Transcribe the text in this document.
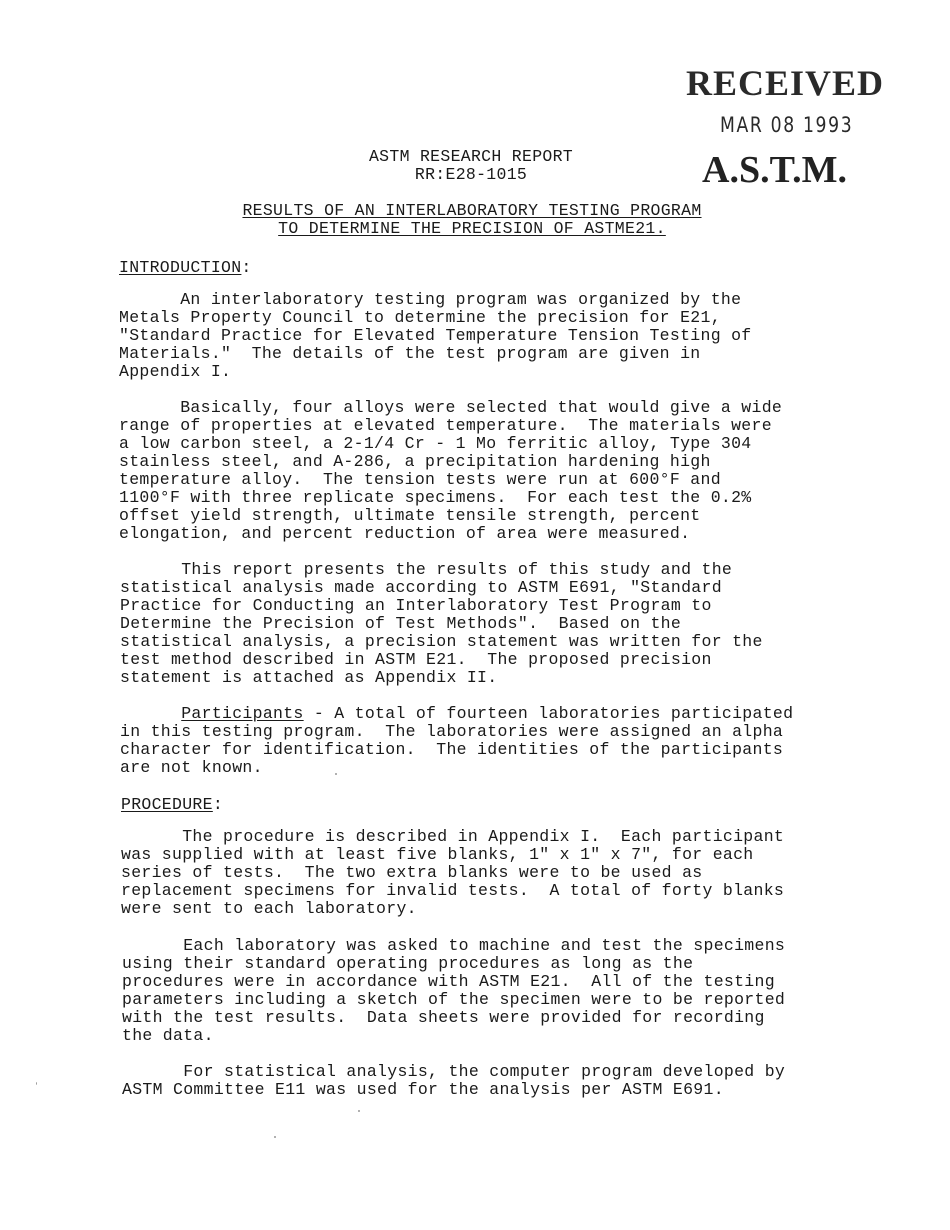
RECEIVED
MAR 08 1993
A.S.T.M.
ASTM RESEARCH REPORT
RR:E28-1015
RESULTS OF AN INTERLABORATORY TESTING PROGRAM
TO DETERMINE THE PRECISION OF ASTME21.
INTRODUCTION:
An interlaboratory testing program was organized by the
Metals Property Council to determine the precision for E21,
"Standard Practice for Elevated Temperature Tension Testing of
Materials."  The details of the test program are given in
Appendix I.
Basically, four alloys were selected that would give a wide
range of properties at elevated temperature.  The materials were
a low carbon steel, a 2-1/4 Cr - 1 Mo ferritic alloy, Type 304
stainless steel, and A-286, a precipitation hardening high
temperature alloy.  The tension tests were run at 600°F and
1100°F with three replicate specimens.  For each test the 0.2%
offset yield strength, ultimate tensile strength, percent
elongation, and percent reduction of area were measured.
This report presents the results of this study and the
statistical analysis made according to ASTM E691, "Standard
Practice for Conducting an Interlaboratory Test Program to
Determine the Precision of Test Methods".  Based on the
statistical analysis, a precision statement was written for the
test method described in ASTM E21.  The proposed precision
statement is attached as Appendix II.
Participants - A total of fourteen laboratories participated
in this testing program.  The laboratories were assigned an alpha
character for identification.  The identities of the participants
are not known.
PROCEDURE:
The procedure is described in Appendix I.  Each participant
was supplied with at least five blanks, 1" x 1" x 7", for each
series of tests.  The two extra blanks were to be used as
replacement specimens for invalid tests.  A total of forty blanks
were sent to each laboratory.
Each laboratory was asked to machine and test the specimens
using their standard operating procedures as long as the
procedures were in accordance with ASTM E21.  All of the testing
parameters including a sketch of the specimen were to be reported
with the test results.  Data sheets were provided for recording
the data.
For statistical analysis, the computer program developed by
ASTM Committee E11 was used for the analysis per ASTM E691.
